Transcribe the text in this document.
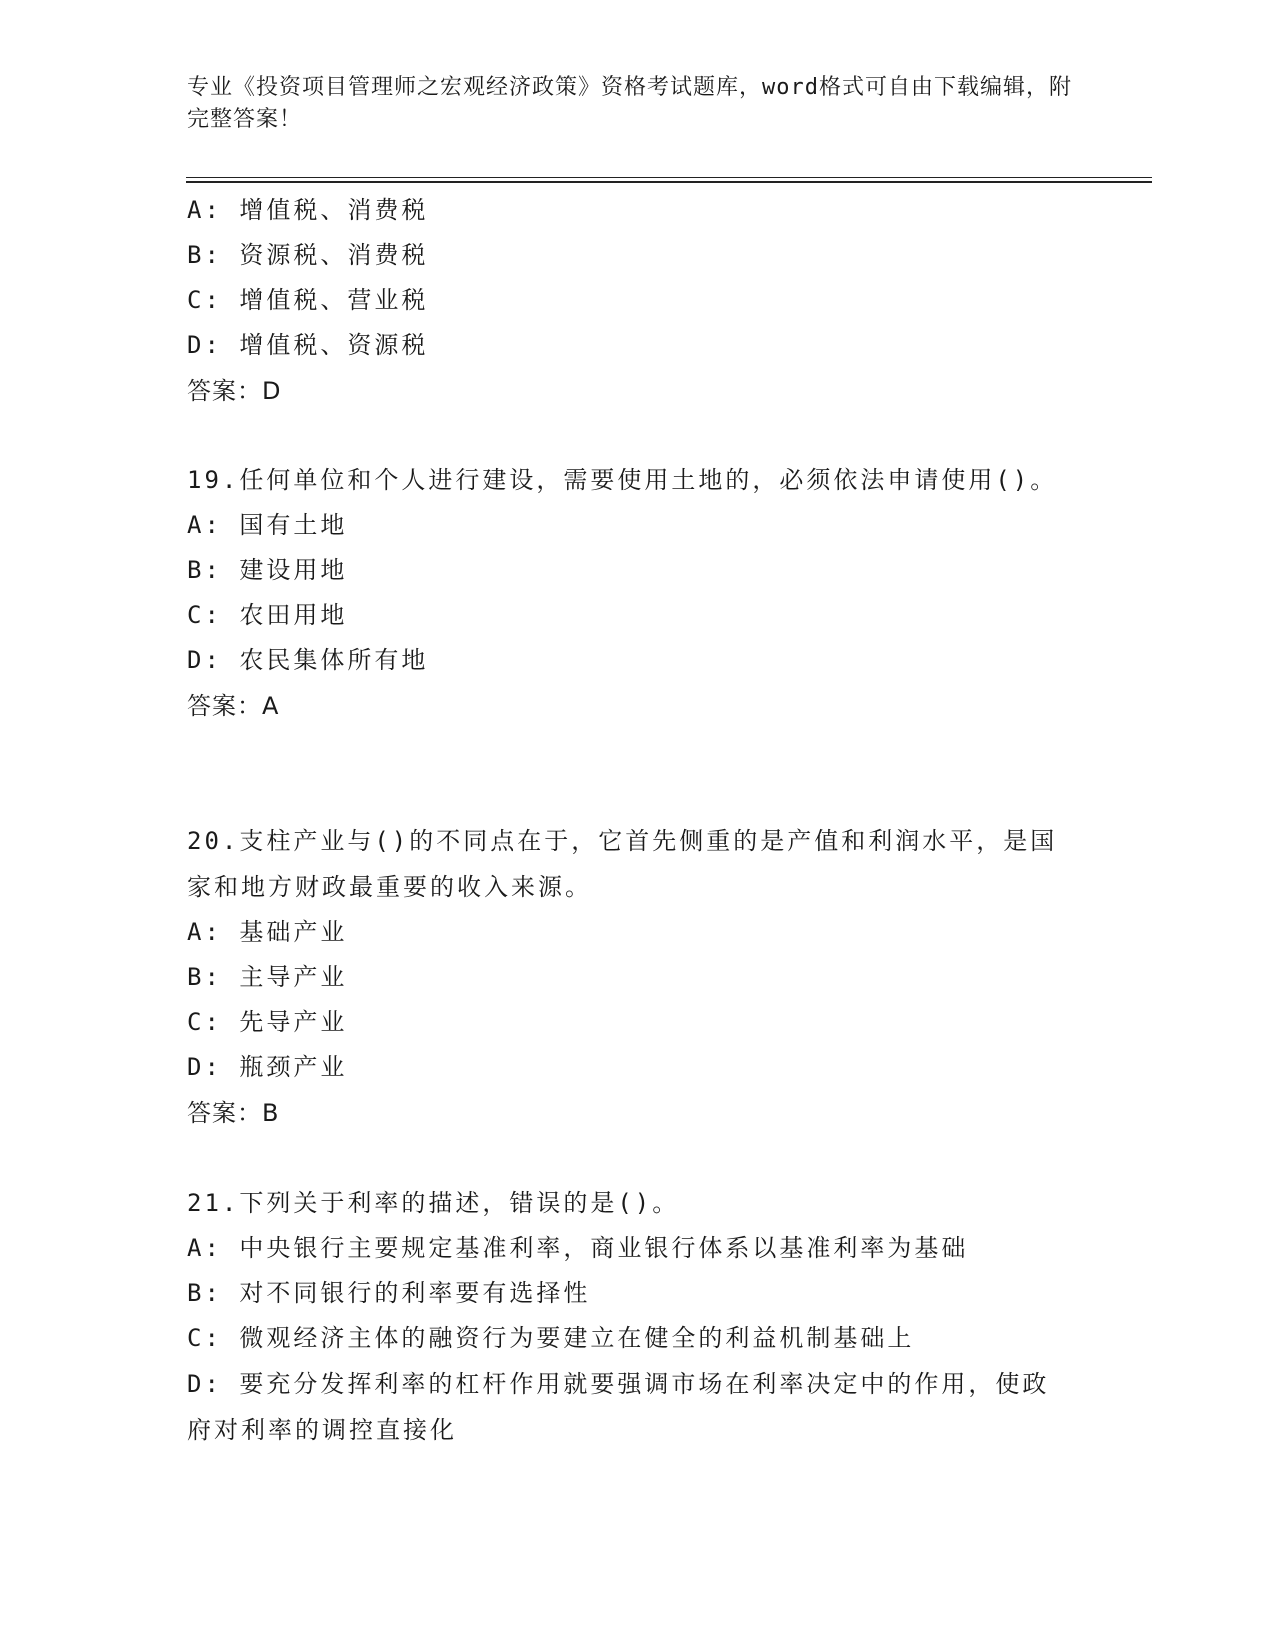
专业《投资项目管理师之宏观经济政策》资格考试题库，word格式可自由下载编辑，附完整答案！
A: 增值税、消费税
B: 资源税、消费税
C: 增值税、营业税
D: 增值税、资源税
答案：D
19.任何单位和个人进行建设，需要使用土地的，必须依法申请使用()。
A: 国有土地
B: 建设用地
C: 农田用地
D: 农民集体所有地
答案：A
20.支柱产业与()的不同点在于，它首先侧重的是产值和利润水平，是国家和地方财政最重要的收入来源。
A: 基础产业
B: 主导产业
C: 先导产业
D: 瓶颈产业
答案：B
21.下列关于利率的描述，错误的是()。
A: 中央银行主要规定基准利率，商业银行体系以基准利率为基础
B: 对不同银行的利率要有选择性
C: 微观经济主体的融资行为要建立在健全的利益机制基础上
D: 要充分发挥利率的杠杆作用就要强调市场在利率决定中的作用，使政府对利率的调控直接化
